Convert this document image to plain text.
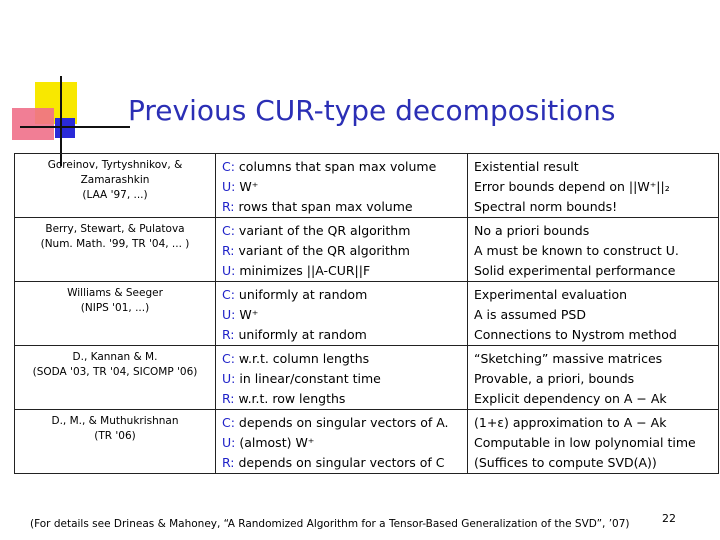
Previous CUR-type decompositions
Goreinov, Tyrtyshnikov, &
Zamarashkin
(LAA '97, ...)	C: columns that span max volume
U: W⁺
R: rows that span max volume	Existential result
Error bounds depend on ||W⁺||₂
Spectral norm bounds!

Berry, Stewart, & Pulatova
(Num. Math. '99, TR '04, ... )	C: variant of the QR algorithm
R: variant of the QR algorithm
U: minimizes ||A-CUR||F	No a priori bounds
A must be known to construct U.
Solid experimental performance

Williams & Seeger
(NIPS '01, ...)	C: uniformly at random
U: W⁺
R: uniformly at random	Experimental evaluation
A is assumed PSD
Connections to Nystrom method

D., Kannan & M.
(SODA '03, TR '04, SICOMP '06)	C: w.r.t. column lengths
U: in linear/constant time
R: w.r.t. row lengths	“Sketching” massive matrices
Provable, a priori, bounds
Explicit dependency on A − Ak

D., M., & Muthukrishnan
(TR '06)	C: depends on singular vectors of A.
U: (almost) W⁺
R: depends on singular vectors of C	(1+ε) approximation to A − Ak
Computable in low polynomial time
(Suffices to compute SVD(A))
(For details see Drineas & Mahoney, “A Randomized Algorithm for a Tensor-Based Generalization of the SVD”, ’07)	22
